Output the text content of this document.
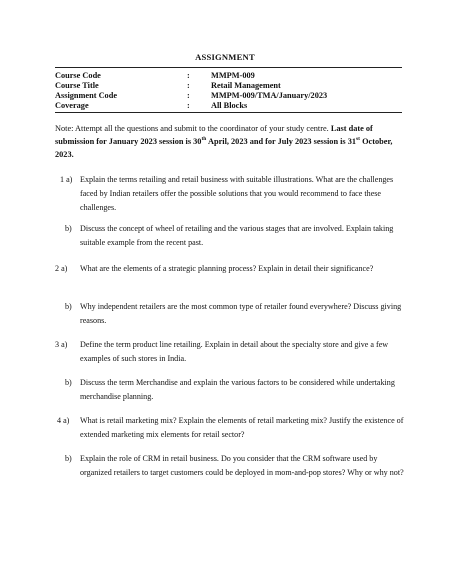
ASSIGNMENT
Course Code	:	MMPM-009
Course Title	:	Retail Management
Assignment Code	:	MMPM-009/TMA/January/2023
Coverage	:	All Blocks
Note: Attempt all the questions and submit to the coordinator of your study centre. Last date of submission for January 2023 session is 30th April, 2023 and for July 2023 session is 31st October, 2023.
1 a) Explain the terms retailing and retail business with suitable illustrations. What are the challenges faced by Indian retailers offer the possible solutions that you would recommend to face these challenges.
b) Discuss the concept of wheel of retailing and the various stages that are involved. Explain taking suitable example from the recent past.
2 a) What are the elements of a strategic planning process? Explain in detail their significance?
b) Why independent retailers are the most common type of retailer found everywhere? Discuss giving reasons.
3 a) Define the term product line retailing. Explain in detail about the specialty store and give a few examples of such stores in India.
b) Discuss the term Merchandise and explain the various factors to be considered while undertaking merchandise planning.
4 a) What is retail marketing mix? Explain the elements of retail marketing mix? Justify the existence of extended marketing mix elements for retail sector?
b) Explain the role of CRM in retail business. Do you consider that the CRM software used by organized retailers to target customers could be deployed in mom-and-pop stores? Why or why not?
